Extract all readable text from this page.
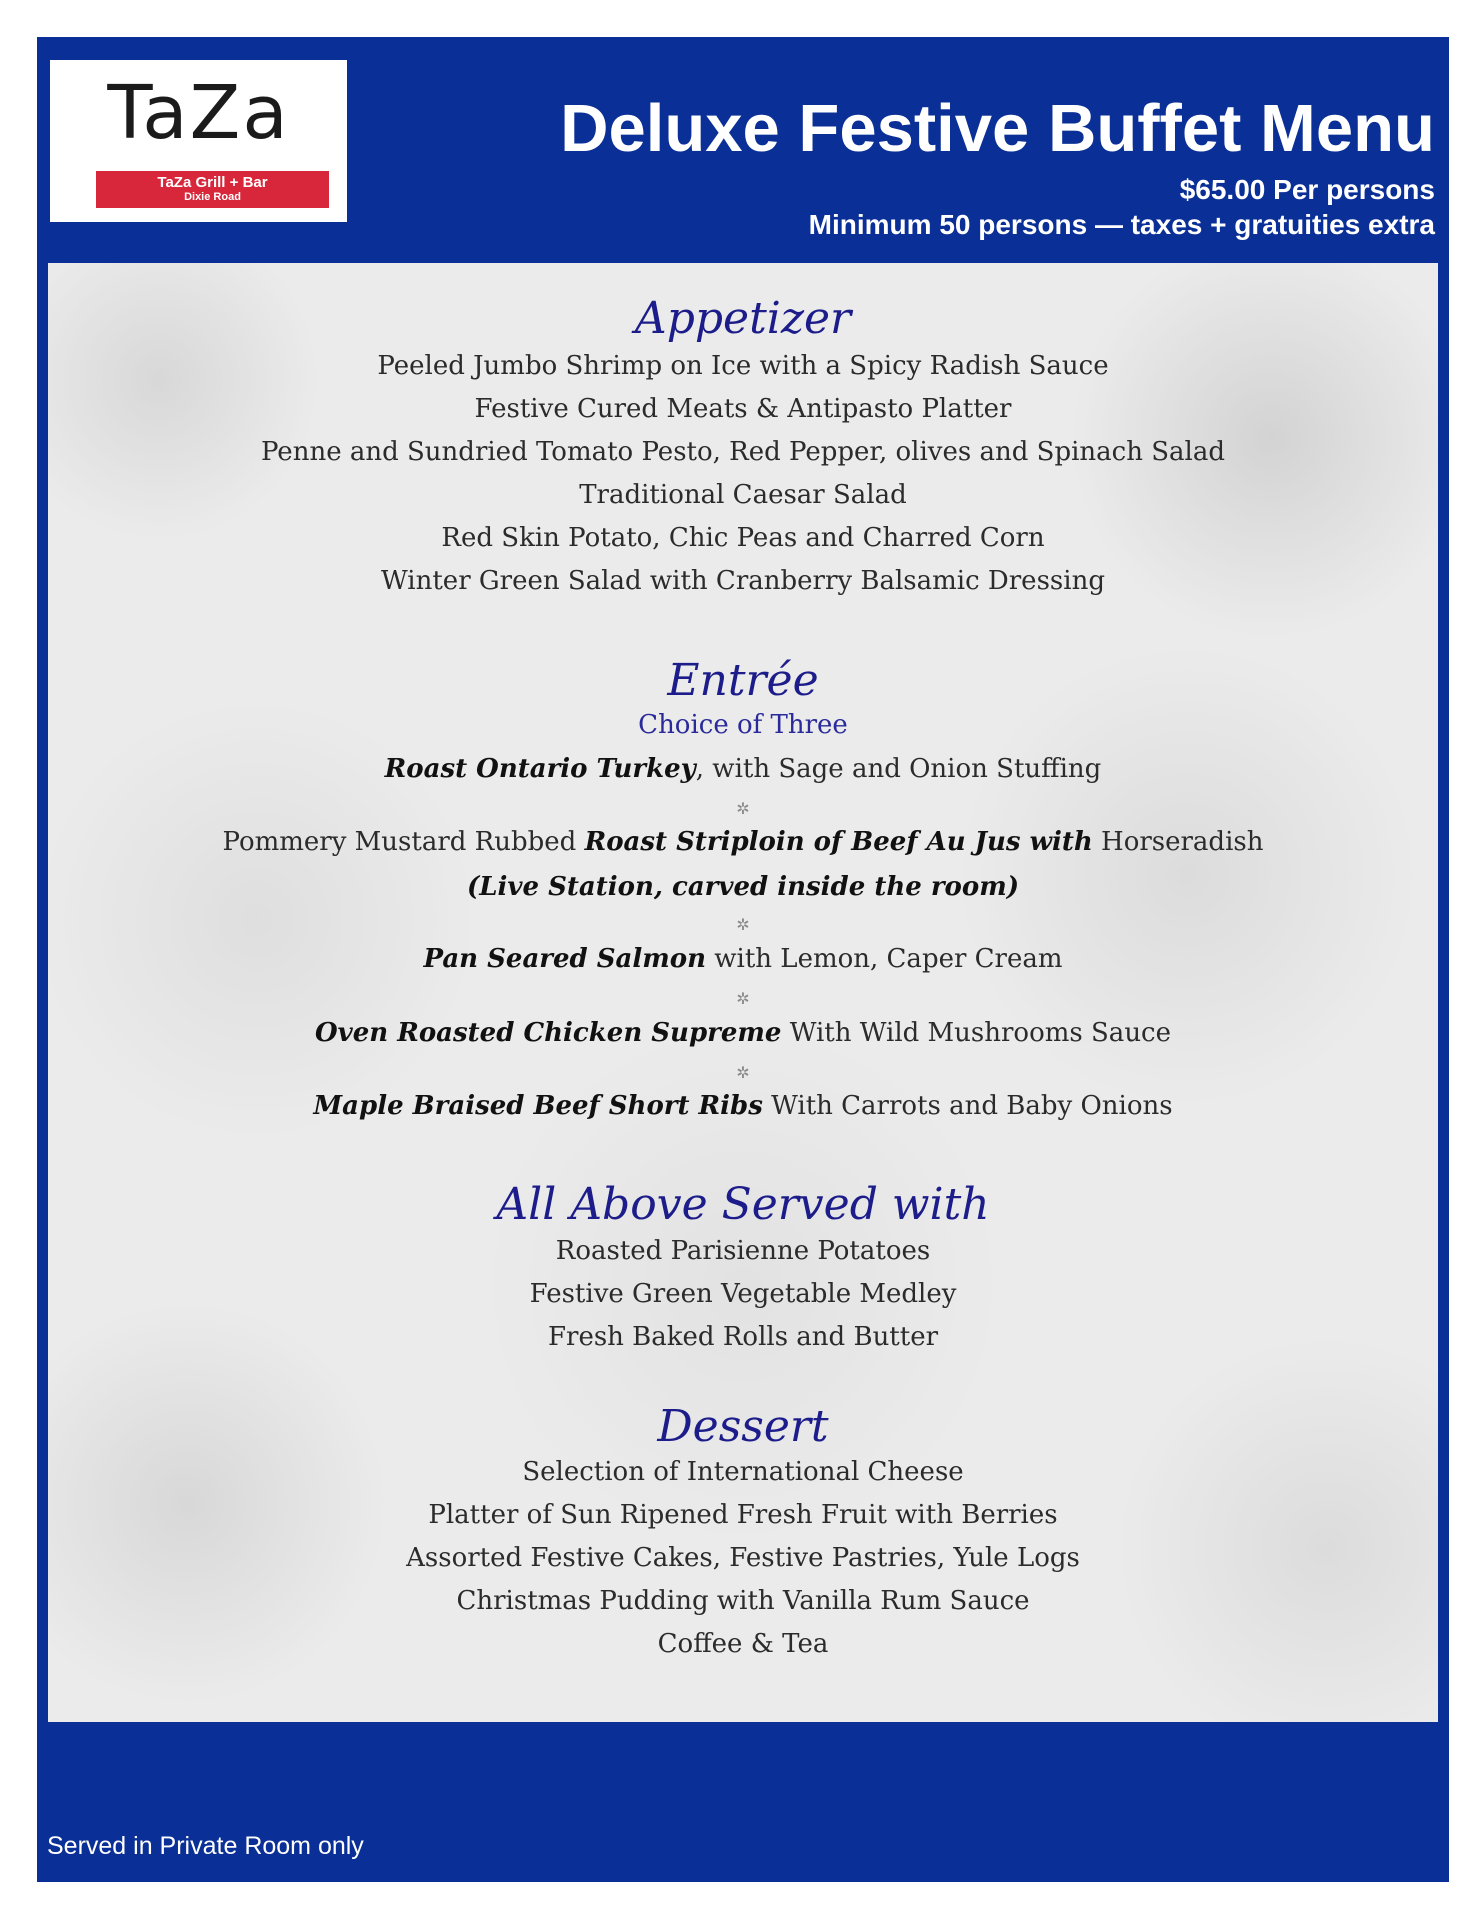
TaZa
TaZa Grill + Bar
Dixie Road
Deluxe Festive Buffet Menu
$65.00 Per persons
Minimum 50 persons — taxes + gratuities extra
Appetizer
Peeled Jumbo Shrimp on Ice with a Spicy Radish Sauce
Festive Cured Meats & Antipasto Platter
Penne and Sundried Tomato Pesto, Red Pepper, olives and Spinach Salad
Traditional Caesar Salad
Red Skin Potato, Chic Peas and Charred Corn
Winter Green Salad with Cranberry Balsamic Dressing
Entrée
Choice of Three
Roast Ontario Turkey, with Sage and Onion Stuffing
✲
Pommery Mustard Rubbed Roast Striploin of Beef Au Jus with Horseradish
(Live Station, carved inside the room)
✲
Pan Seared Salmon with Lemon, Caper Cream
✲
Oven Roasted Chicken Supreme With Wild Mushrooms Sauce
✲
Maple Braised Beef Short Ribs With Carrots and Baby Onions
All Above Served with
Roasted Parisienne Potatoes
Festive Green Vegetable Medley
Fresh Baked Rolls and Butter
Dessert
Selection of International Cheese
Platter of Sun Ripened Fresh Fruit with Berries
Assorted Festive Cakes, Festive Pastries, Yule Logs
Christmas Pudding with Vanilla Rum Sauce
Coffee & Tea
Served in Private Room only
